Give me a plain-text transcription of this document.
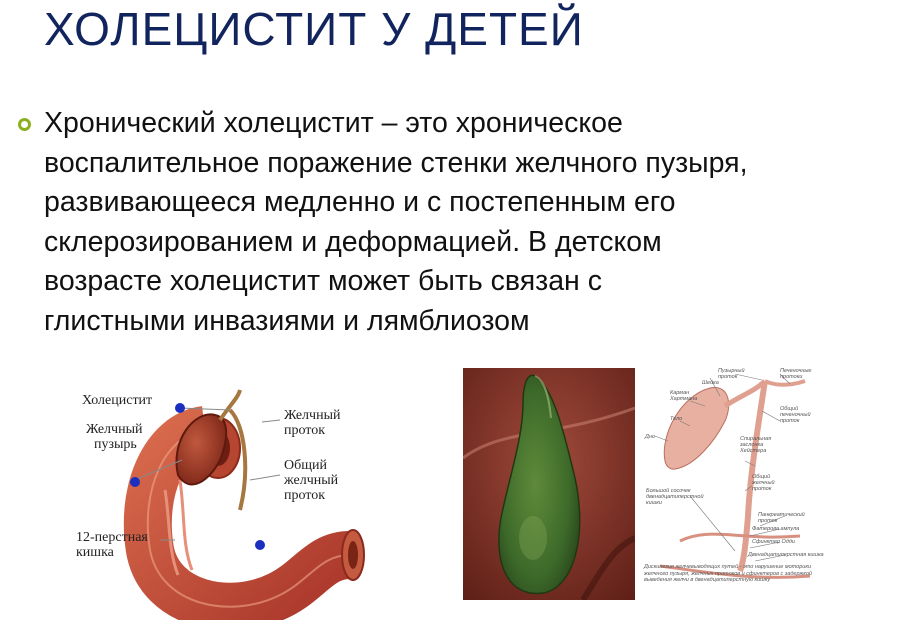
ХОЛЕЦИСТИТ У ДЕТЕЙ

Хронический холецистит – это хроническое
воспалительное поражение стенки желчного пузыря,
развивающееся медленно и с постепенным его
склерозированием и деформацией. В детском
возрасте холецистит может быть связан с
глистными инвазиями и лямблиозом

Холецистит
Желчный
пузырь
Желчный
проток
Общий
желчный
проток
12-перстная
кишка
Пузырный проток
Печеночные протоки
Шейка
Карман Хартмана
Тело
Общий печеночный проток
Дно	Спиральная заслонка Хейстера
Общий желчный проток
Большой сосочек двенадцатиперстной кишки
Панкреатический проток
Фатерова ампула
Сфинктер Одди
Двенадцатиперстная кишка
Дискинезия желчевыводящих путей - это нарушение моторики желчного пузыря, желчных протоков и сфинктеров с задержкой выведения желчи в двенадцатиперстную кишку
